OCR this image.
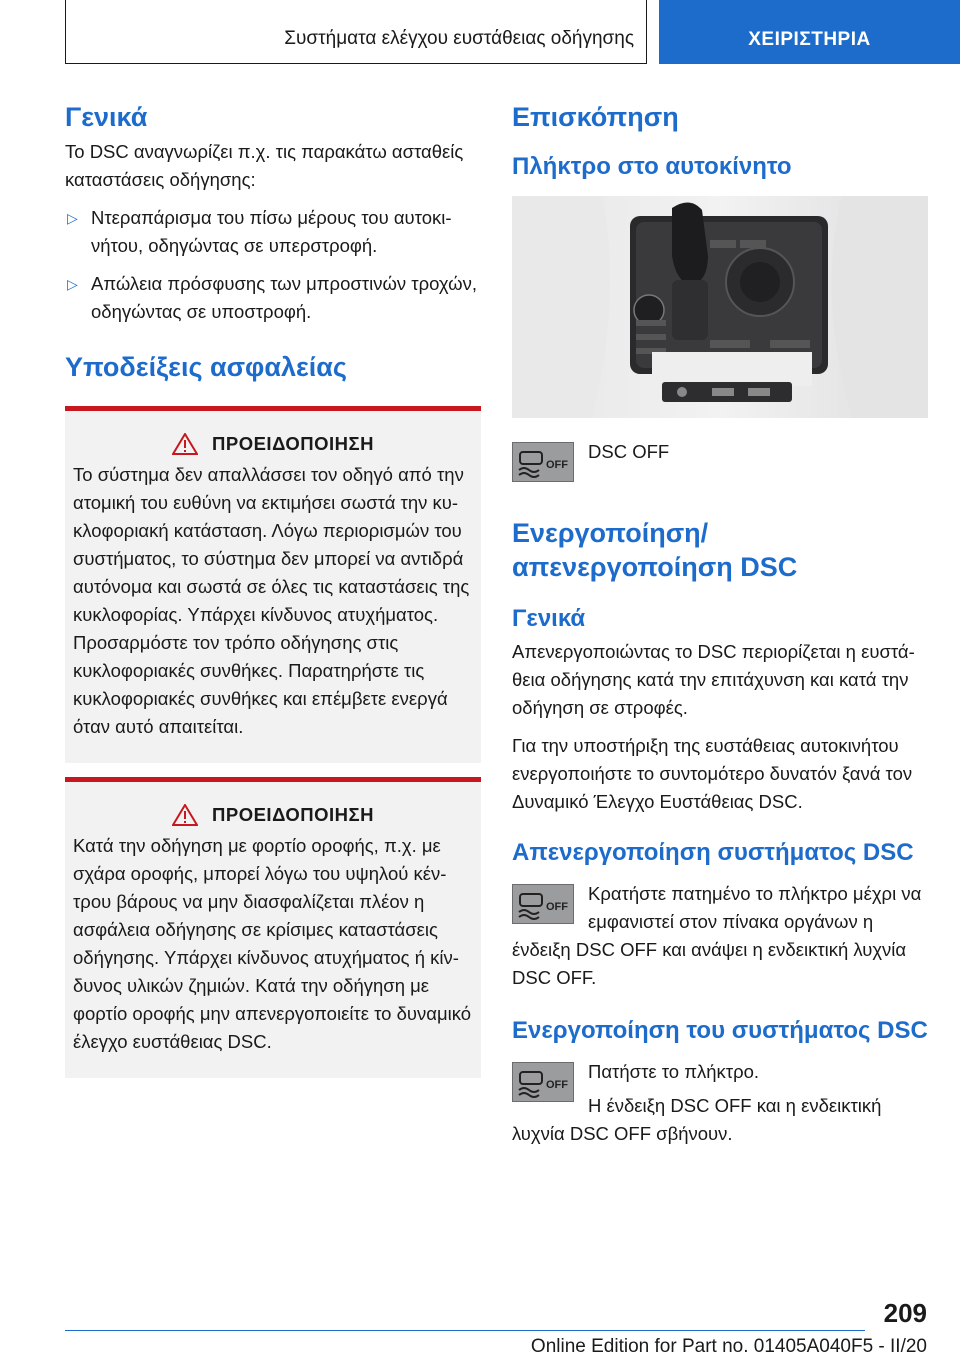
Συστήματα ελέγχου ευστάθειας οδήγησης	ΧΕΙΡΙΣΤΗΡΙΑ
Γενικά

Το DSC αναγνωρίζει π.χ. τις παρακάτω ασταθείς καταστάσεις οδήγησης:

▷ Ντεραπάρισμα του πίσω μέρους του αυτοκινήτου, οδηγώντας σε υπερστροφή.
▷ Απώλεια πρόσφυσης των μπροστινών τροχών, οδηγώντας σε υποστροφή.
Υποδείξεις ασφαλείας
ΠΡΟΕΙΔΟΠΟΙΗΣΗ

Το σύστημα δεν απαλλάσσει τον οδηγό από την ατομική του ευθύνη να εκτιμήσει σωστά την κυκλοφοριακή κατάσταση. Λόγω περιορισμών του συστήματος, το σύστημα δεν μπορεί να αντιδρά αυτόνομα και σωστά σε όλες τις καταστάσεις της κυκλοφορίας. Υπάρχει κίνδυνος ατυχήματος. Προσαρμόστε τον τρόπο οδήγησης στις κυκλοφοριακές συνθήκες. Παρατηρήστε τις κυκλοφοριακές συνθήκες και επέμβετε ενεργά όταν αυτό απαιτείται.

ΠΡΟΕΙΔΟΠΟΙΗΣΗ

Κατά την οδήγηση με φορτίο οροφής, π.χ. με σχάρα οροφής, μπορεί λόγω του υψηλού κέντρου βάρους να μην διασφαλίζεται πλέον η ασφάλεια οδήγησης σε κρίσιμες καταστάσεις οδήγησης. Υπάρχει κίνδυνος ατυχήματος ή κίνδυνος υλικών ζημιών. Κατά την οδήγηση με φορτίο οροφής μην απενεργοποιείτε το δυναμικό έλεγχο ευστάθειας DSC.

Επισκόπηση
Πλήκτρο στο αυτοκίνητο
OFF

DSC OFF

Ενεργοποίηση/απενεργοποίηση DSC
Γενικά

Απενεργοποιώντας το DSC περιορίζεται η ευστάθεια οδήγησης κατά την επιτάχυνση και κατά την οδήγηση σε στροφές.

Για την υποστήριξη της ευστάθειας αυτοκινήτου ενεργοποιήστε το συντομότερο δυνατόν ξανά τον Δυναμικό Έλεγχο Ευστάθειας DSC.

Απενεργοποίηση συστήματος DSC
OFF

Κρατήστε πατημένο το πλήκτρο μέχρι να εμφανιστεί στον πίνακα οργάνων η ένδειξη DSC OFF και ανάψει η ενδεικτική λυχνία DSC OFF.

Ενεργοποίηση του συστήματος DSC
OFF

Πατήστε το πλήκτρο.

Η ένδειξη DSC OFF και η ενδεικτική λυχνία DSC OFF σβήνουν.

209
Online Edition for Part no. 01405A040F5 - II/20
